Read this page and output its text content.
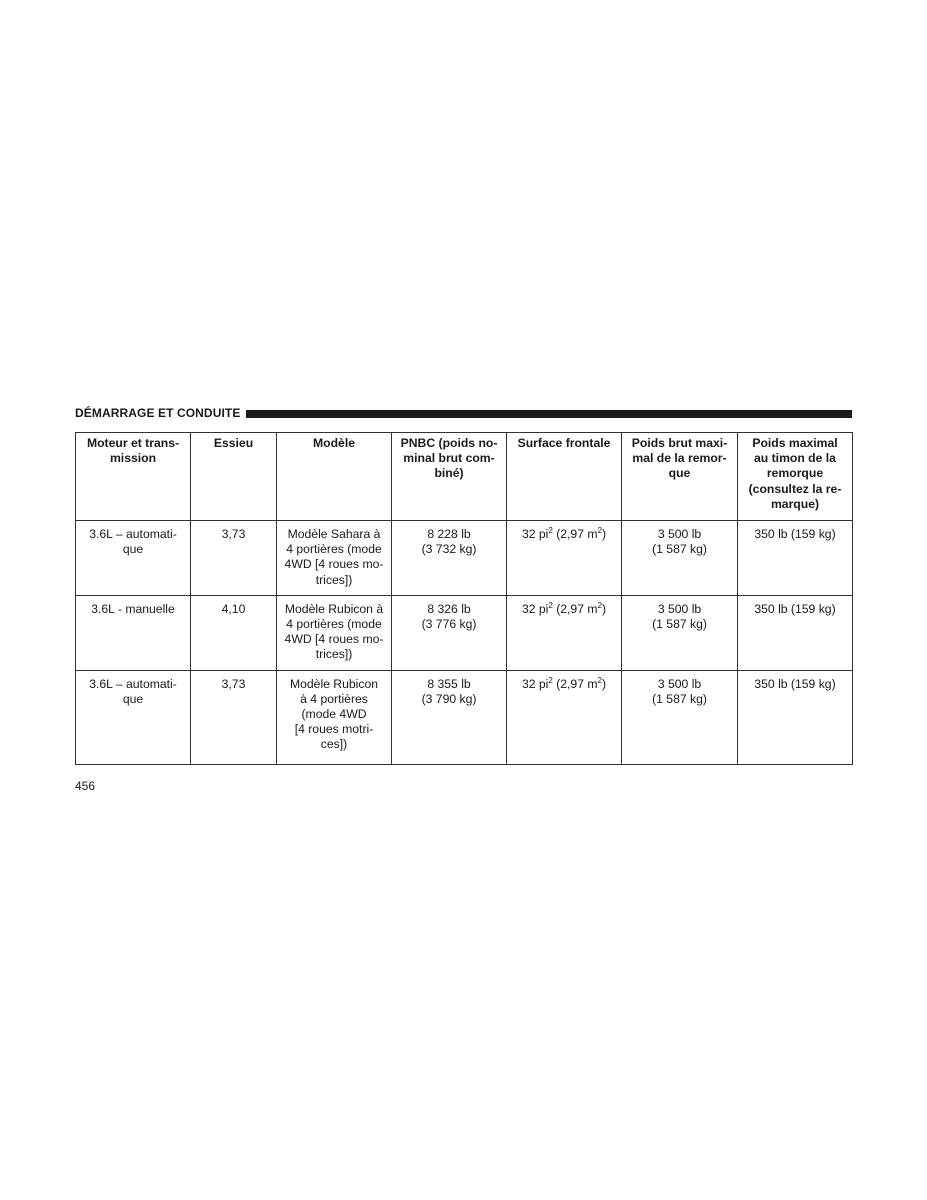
DÉMARRAGE ET CONDUITE
Moteur et trans-
mission	Essieu	Modèle	PNBC (poids no-
minal brut com-
biné)	Surface frontale	Poids brut maxi-
mal de la remor-
que	Poids maximal
au timon de la
remorque
(consultez la re-
marque)
3.6L – automati-
que	3,73	Modèle Sahara à
4 portières (mode
4WD [4 roues mo-
trices])	8 228 lb
(3 732 kg)	32 $pi^2$ (2,97 $m^2$)	3 500 lb
(1 587 kg)	350 lb (159 kg)
3.6L - manuelle	4,10	Modèle Rubicon à
4 portières (mode
4WD [4 roues mo-
trices])	8 326 lb
(3 776 kg)	32 $pi^2$ (2,97 $m^2$)	3 500 lb
(1 587 kg)	350 lb (159 kg)
3.6L – automati-
que	3,73	Modèle Rubicon
à 4 portières
(mode 4WD
[4 roues motri-
ces])	8 355 lb
(3 790 kg)	32 $pi^2$ (2,97 $m^2$)	3 500 lb
(1 587 kg)	350 lb (159 kg)
456
